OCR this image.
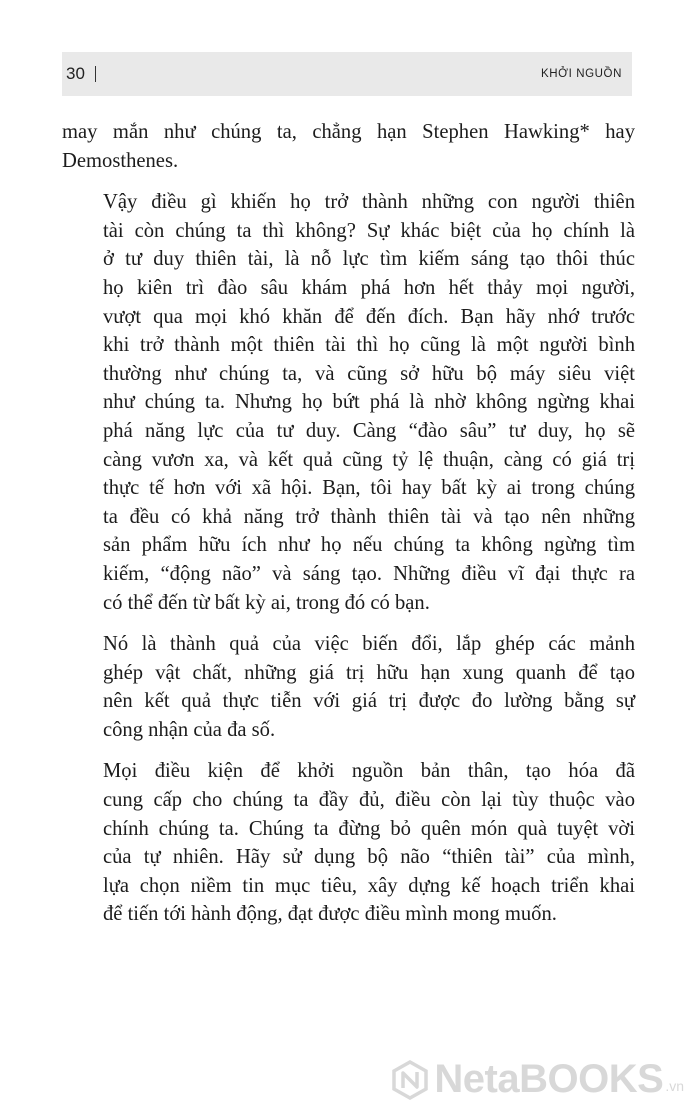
30	KHỞI NGUỒN

may mắn như chúng ta, chẳng hạn Stephen Hawking* hay
Demosthenes.

Vậy điều gì khiến họ trở thành những con người thiên
tài còn chúng ta thì không? Sự khác biệt của họ chính là
ở tư duy thiên tài, là nỗ lực tìm kiếm sáng tạo thôi thúc
họ kiên trì đào sâu khám phá hơn hết thảy mọi người,
vượt qua mọi khó khăn để đến đích. Bạn hãy nhớ trước
khi trở thành một thiên tài thì họ cũng là một người bình
thường như chúng ta, và cũng sở hữu bộ máy siêu việt
như chúng ta. Nhưng họ bứt phá là nhờ không ngừng khai
phá năng lực của tư duy. Càng “đào sâu” tư duy, họ sẽ
càng vươn xa, và kết quả cũng tỷ lệ thuận, càng có giá trị
thực tế hơn với xã hội. Bạn, tôi hay bất kỳ ai trong chúng
ta đều có khả năng trở thành thiên tài và tạo nên những
sản phẩm hữu ích như họ nếu chúng ta không ngừng tìm
kiếm, “động não” và sáng tạo. Những điều vĩ đại thực ra
có thể đến từ bất kỳ ai, trong đó có bạn.

Nó là thành quả của việc biến đổi, lắp ghép các mảnh
ghép vật chất, những giá trị hữu hạn xung quanh để tạo
nên kết quả thực tiễn với giá trị được đo lường bằng sự
công nhận của đa số.

Mọi điều kiện để khởi nguồn bản thân, tạo hóa đã
cung cấp cho chúng ta đầy đủ, điều còn lại tùy thuộc vào
chính chúng ta. Chúng ta đừng bỏ quên món quà tuyệt vời
của tự nhiên. Hãy sử dụng bộ não “thiên tài” của mình,
lựa chọn niềm tin mục tiêu, xây dựng kế hoạch triển khai
để tiến tới hành động, đạt được điều mình mong muốn.

NetaBOOKS .vn
